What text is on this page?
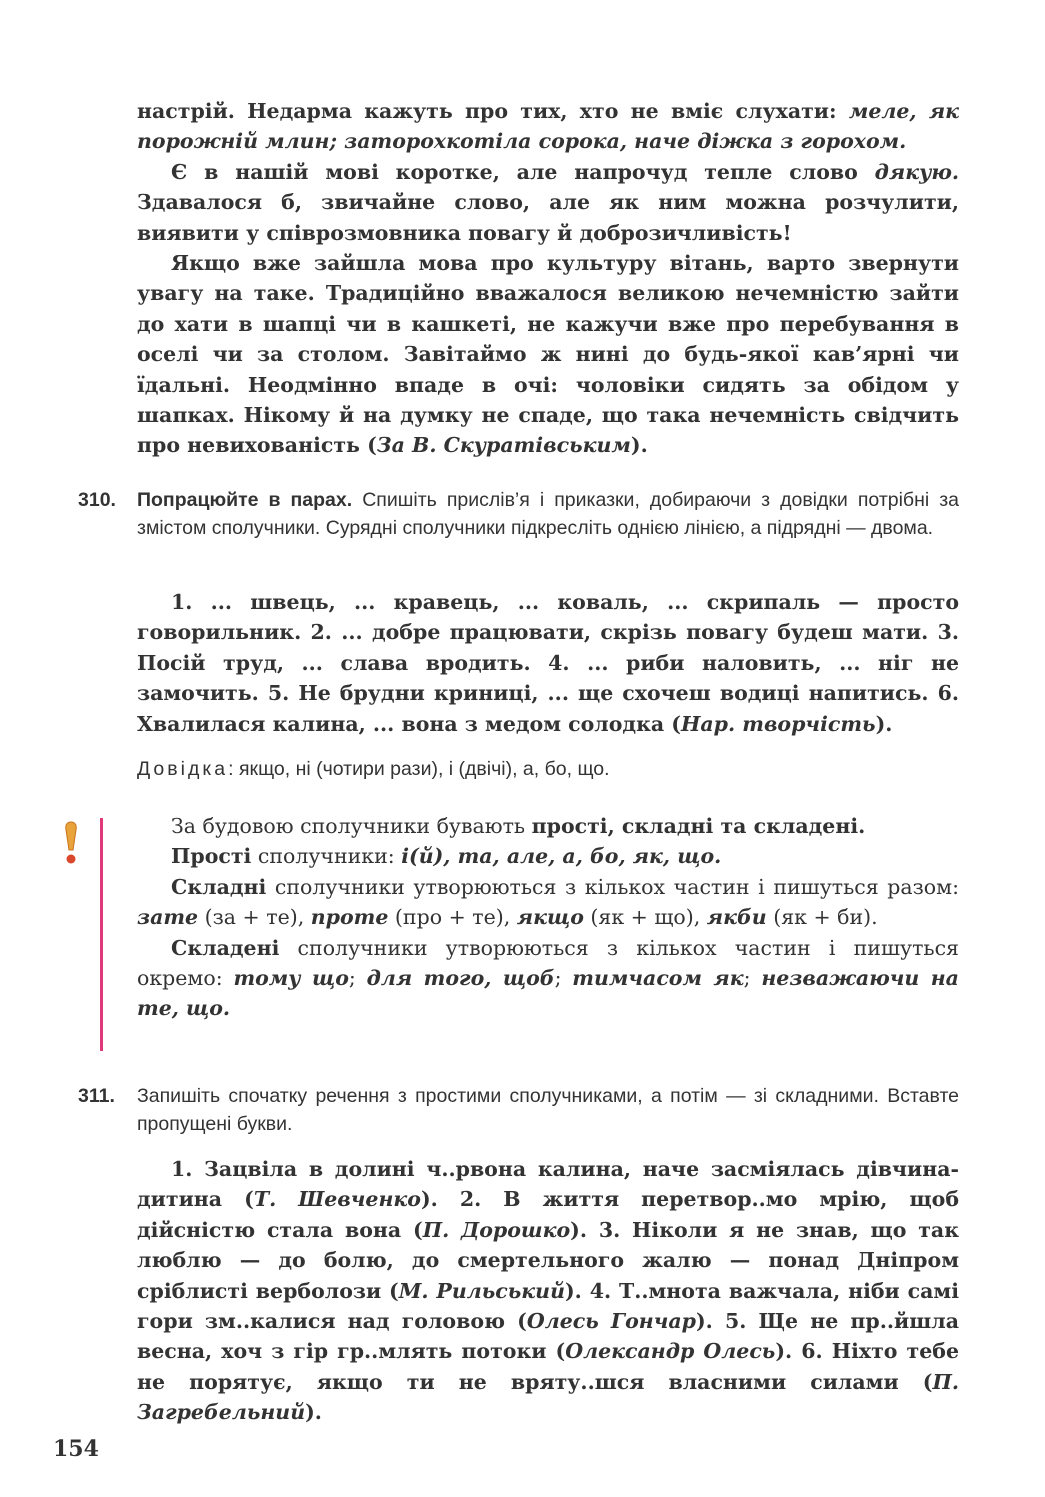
настрій. Недарма кажуть про тих, хто не вміє слухати: меле, як порожній млин; заторохкотіла сорока, наче діжка з горохом.

Є в нашій мові коротке, але напрочуд тепле слово дякую. Здавалося б, звичайне слово, але як ним можна розчулити, виявити у співрозмовника повагу й доброзичливість!

Якщо вже зайшла мова про культуру вітань, варто звернути увагу на таке. Традиційно вважалося великою нечемністю зайти до хати в шапці чи в кашкеті, не кажучи вже про перебування в оселі чи за столом. Завітаймо ж нині до будь-якої кав’ярні чи їдальні. Неодмінно впаде в очі: чоловіки сидять за обідом у шапках. Нікому й на думку не спаде, що така нечемність свідчить про невихованість (За В. Скуратівським).

310. Попрацюйте в парах. Спишіть прислів’я і приказки, добираючи з довідки потрібні за змістом сполучники. Сурядні сполучники підкресліть однією лінією, а підрядні — двома.

1. ... швець, ... кравець, ... коваль, ... скрипаль — просто говорильник. 2. ... добре працювати, скрізь повагу будеш мати. 3. Посій труд, ... слава вродить. 4. ... риби наловить, ... ніг не замочить. 5. Не брудни криниці, ... ще схочеш водиці напитись. 6. Хвалилася калина, ... вона з медом солодка (Нар. творчість).

Довідка: якщо, ні (чотири рази), і (двічі), а, бо, що.

За будовою сполучники бувають прості, складні та складені.

Прості сполучники: і(й), та, але, а, бо, як, що.

Складні сполучники утворюються з кількох частин і пишуться разом: зате (за + те), проте (про + те), якщо (як + що), якби (як + би).

Складені сполучники утворюються з кількох частин і пишуться окремо: тому що; для того, щоб; тимчасом як; незважаючи на те, що.

311. Запишіть спочатку речення з простими сполучниками, а потім — зі складними. Вставте пропущені букви.

1. Зацвіла в долині ч..рвона калина, наче засміялась дівчина-дитина (Т. Шевченко). 2. В життя перетвор..мо мрію, щоб дійсністю стала вона (П. Дорошко). 3. Ніколи я не знав, що так люблю — до болю, до смертельного жалю — понад Дніпром сріблисті верболози (М. Рильський). 4. Т..мнота важчала, ніби самі гори зм..калися над головою (Олесь Гончар). 5. Ще не пр..йшла весна, хоч з гір гр..млять потоки (Олександр Олесь). 6. Ніхто тебе не порятує, якщо ти не вряту..шся власними силами (П. Загребельний).

154
